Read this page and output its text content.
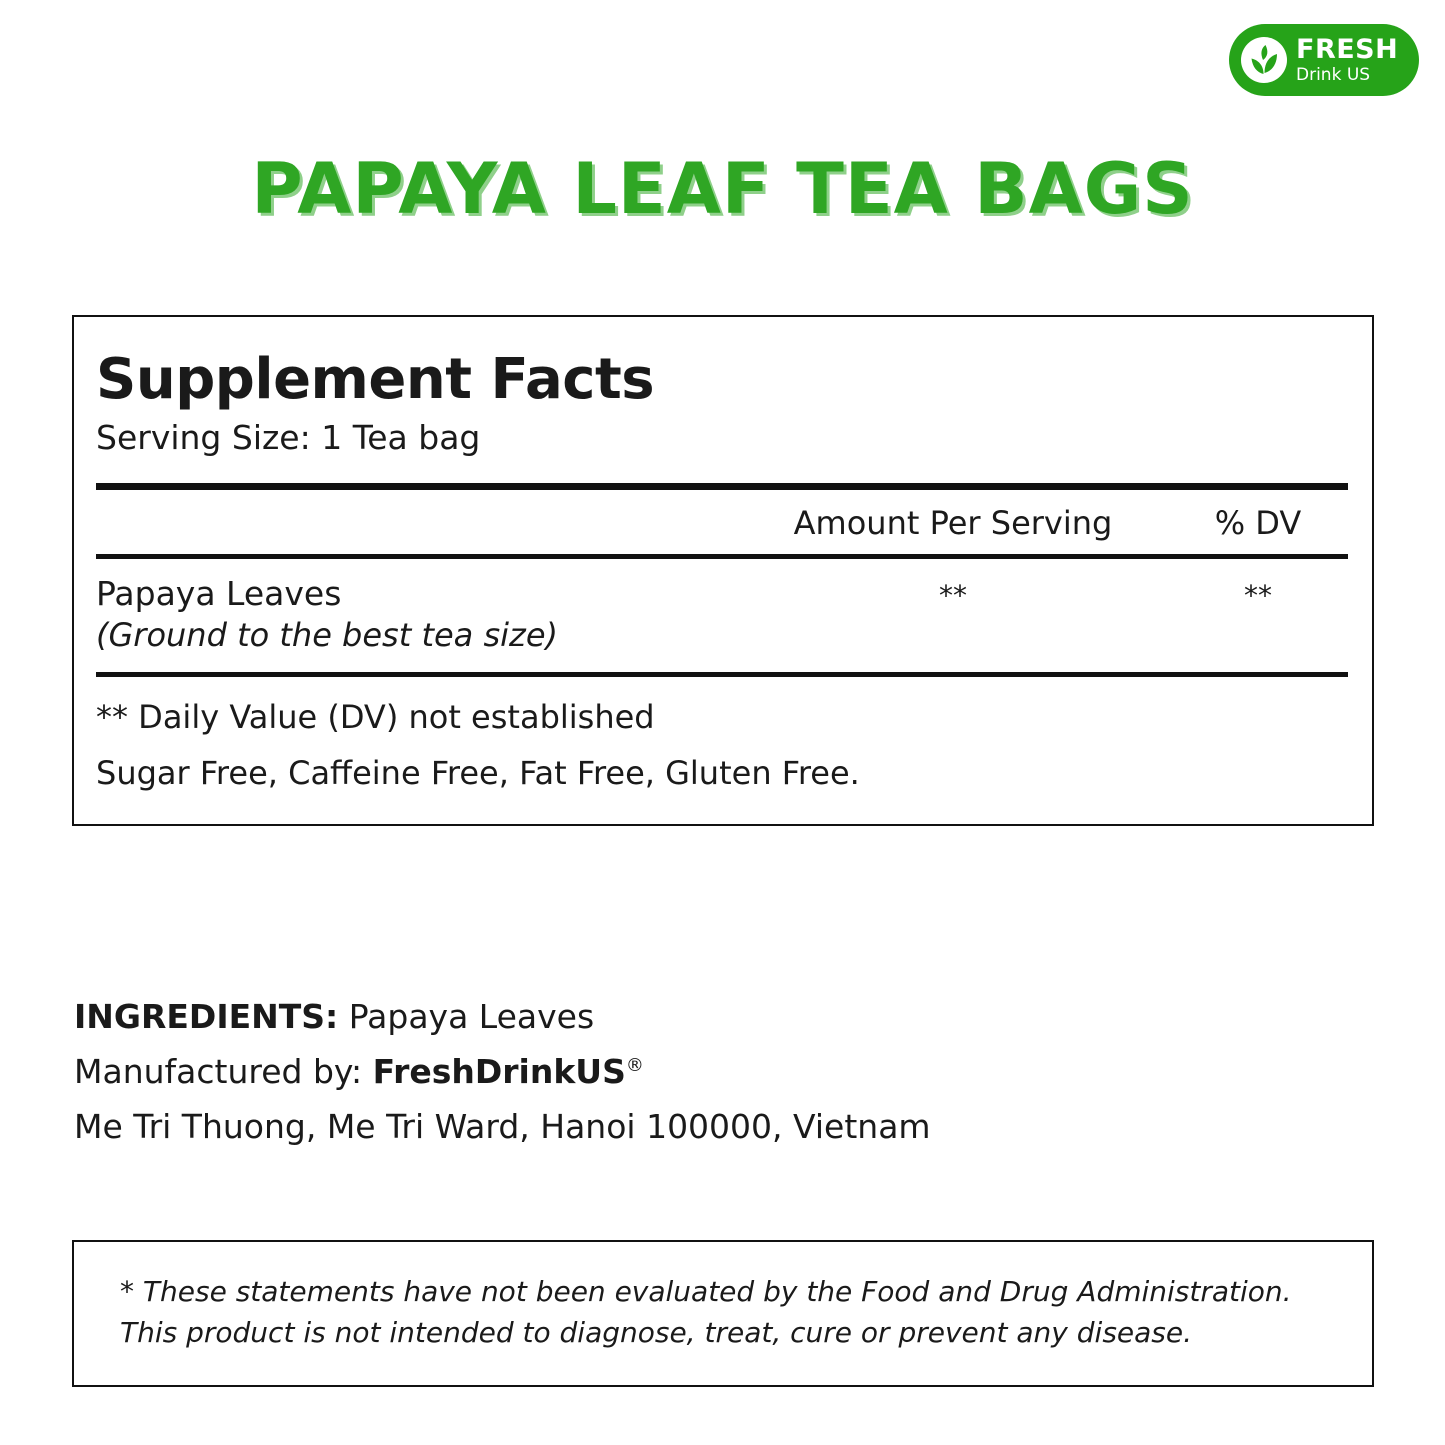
FRESH
Drink US
PAPAYA LEAF TEA BAGS
Supplement Facts
Serving Size: 1 Tea bag
Amount Per Serving	% DV
Papaya Leaves
(Ground to the best tea size)
**	**
** Daily Value (DV) not established
Sugar Free, Caffeine Free, Fat Free, Gluten Free.
INGREDIENTS: Papaya Leaves
Manufactured by: FreshDrinkUS®
Me Tri Thuong, Me Tri Ward, Hanoi 100000, Vietnam
* These statements have not been evaluated by the Food and Drug Administration.
This product is not intended to diagnose, treat, cure or prevent any disease.
